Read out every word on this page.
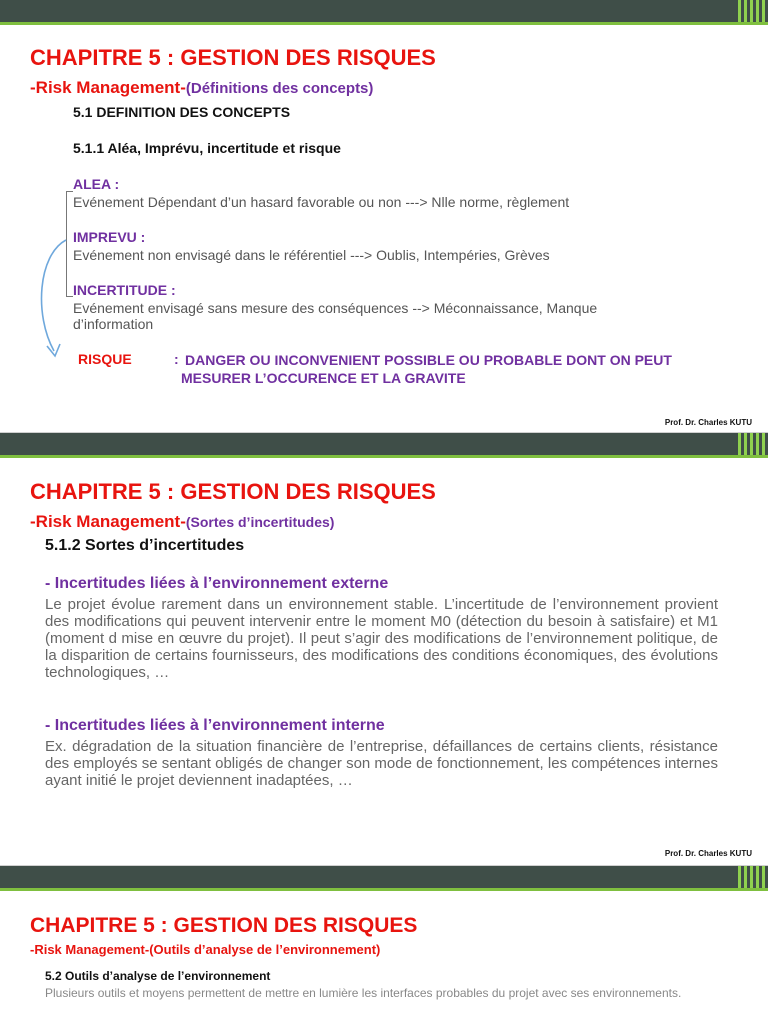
CHAPITRE 5 : GESTION DES RISQUES
-Risk Management-(Définitions des concepts)
5.1 DEFINITION DES CONCEPTS
5.1.1 Aléa, Imprévu, incertitude et risque
ALEA :
Evénement Dépendant d’un hasard favorable ou non ---> Nlle norme, règlement
IMPREVU :
Evénement non envisagé dans le référentiel ---> Oublis, Intempéries, Grèves
INCERTITUDE :
Evénement envisagé sans mesure des conséquences --> Méconnaissance, Manque d’information
RISQUE	: DANGER OU INCONVENIENT POSSIBLE OU PROBABLE DONT ON PEUT
MESURER L’OCCURENCE ET LA GRAVITE
Prof. Dr. Charles KUTU
CHAPITRE 5 : GESTION DES RISQUES
-Risk Management-(Sortes d’incertitudes)
5.1.2 Sortes d’incertitudes
- Incertitudes liées à l’environnement externe
Le projet évolue rarement dans un environnement stable. L’incertitude de l’environnement provient des modifications qui peuvent intervenir entre le moment M0 (détection du besoin à satisfaire) et M1 (moment d mise en œuvre du projet). Il peut s’agir des modifications de l’environnement politique, de la disparition de certains fournisseurs, des modifications des conditions économiques, des évolutions technologiques, …
- Incertitudes liées à l’environnement interne
Ex. dégradation de la situation financière de l’entreprise, défaillances de certains clients, résistance des employés se sentant obligés de changer son mode de fonctionnement, les compétences internes ayant initié le projet deviennent inadaptées, …
Prof. Dr. Charles KUTU
CHAPITRE 5 : GESTION DES RISQUES
-Risk Management-(Outils d’analyse de l’environnement)
5.2 Outils d’analyse de l’environnement
Plusieurs outils et moyens permettent de mettre en lumière les interfaces probables du projet avec ses environnements.
